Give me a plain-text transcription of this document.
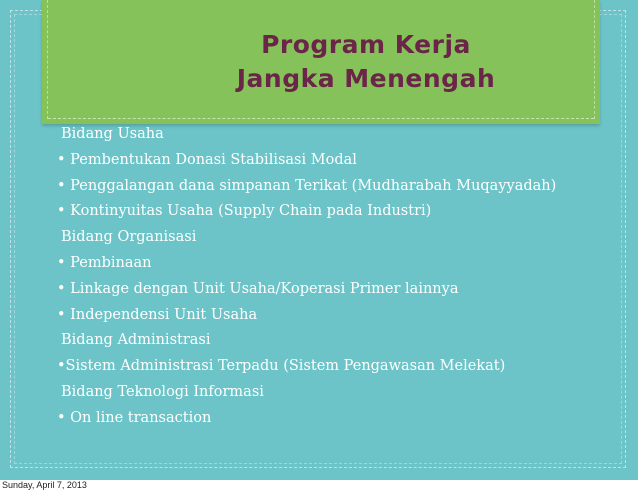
Program Kerja
Jangka Menengah
Bidang Usaha
• Pembentukan Donasi Stabilisasi Modal
• Penggalangan dana simpanan Terikat (Mudharabah Muqayyadah)
• Kontinyuitas Usaha (Supply Chain pada Industri)
Bidang Organisasi
• Pembinaan
• Linkage dengan Unit Usaha/Koperasi Primer lainnya
• Independensi Unit Usaha
Bidang Administrasi
•Sistem Administrasi Terpadu (Sistem Pengawasan Melekat)
Bidang Teknologi Informasi
• On line transaction
Sunday, April 7, 2013
